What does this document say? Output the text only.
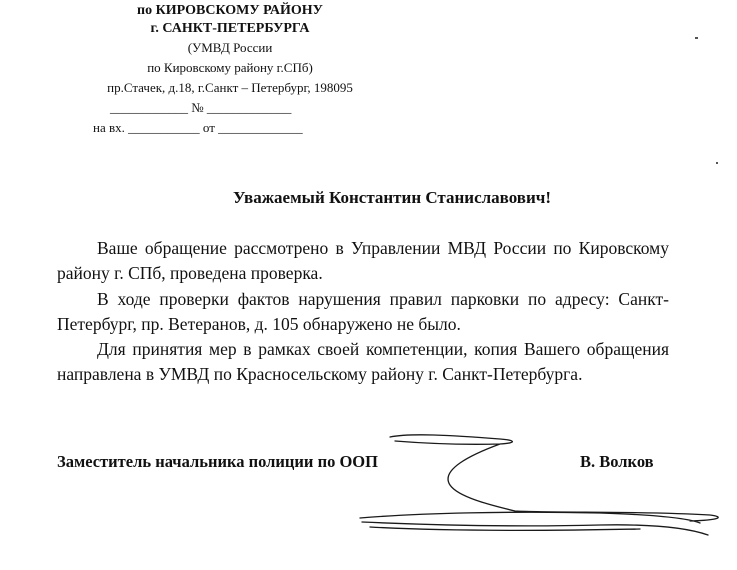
по КИРОВСКОМУ РАЙОНУ
г. САНКТ-ПЕТЕРБУРГА
(УМВД России
по Кировскому району г.СПб)
пр.Стачек, д.18, г.Санкт – Петербург, 198095
____________ № _____________
на вх. ___________ от _____________
Уважаемый Константин Станиславович!
Ваше обращение рассмотрено в Управлении МВД России по Кировскому району г. СПб, проведена проверка.
В ходе проверки фактов нарушения правил парковки по адресу: Санкт-Петербург, пр. Ветеранов, д. 105 обнаружено не было.
Для принятия мер в рамках своей компетенции, копия Вашего обращения направлена в УМВД по Красносельскому району г. Санкт-Петербурга.
Заместитель начальника полиции по ООП	В. Волков
